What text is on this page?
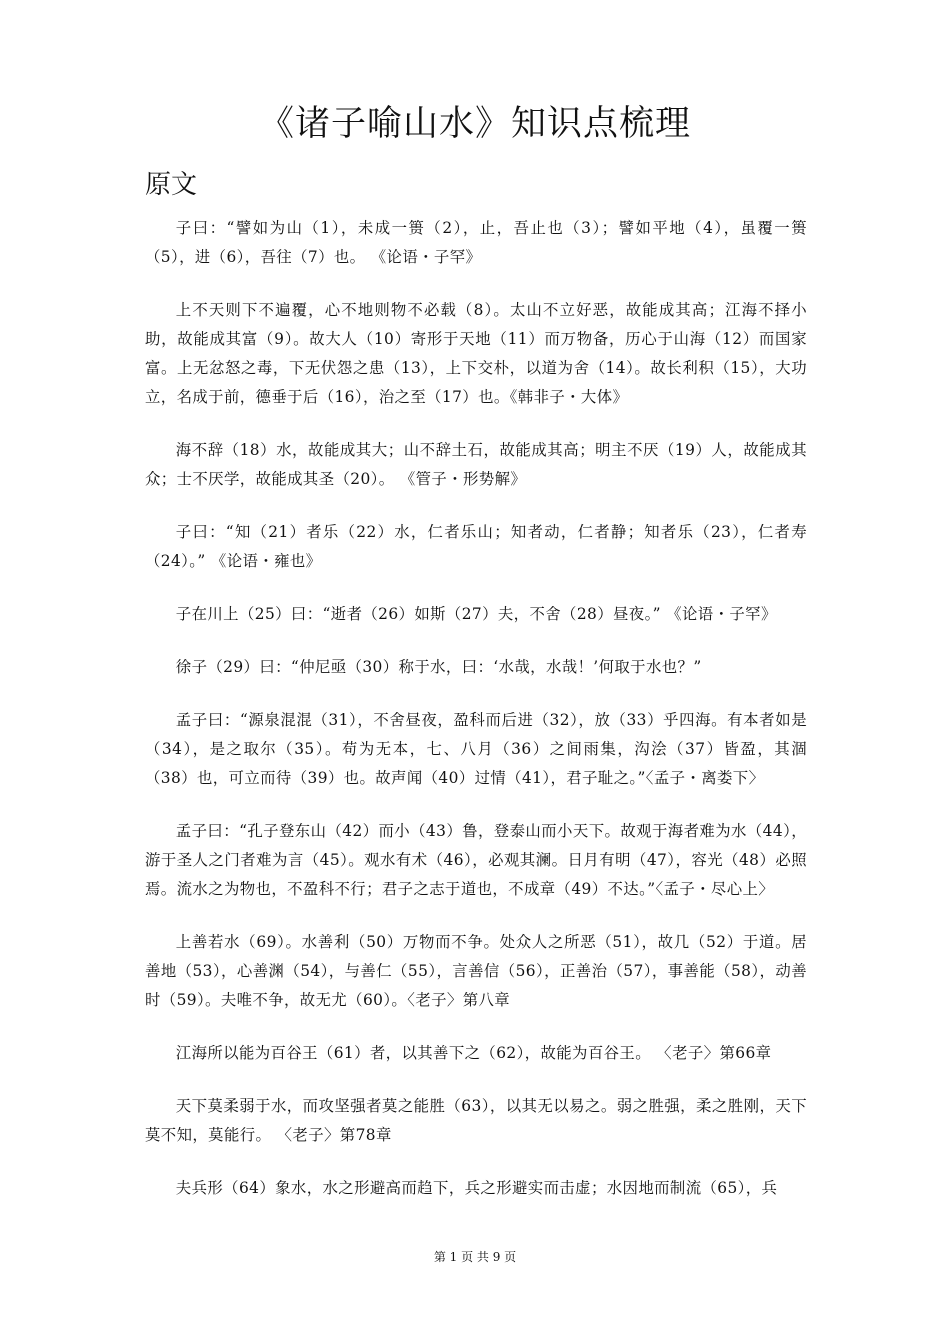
《诸子喻山水》知识点梳理
原文

子曰：“譬如为山（1），未成一篑（2），止，吾止也（3）；譬如平地（4），虽覆一篑（5），进（6），吾往（7）也。 《论语・子罕》

上不天则下不遍覆，心不地则物不必载（8）。太山不立好恶，故能成其高；江海不择小助，故能成其富（9）。故大人（10）寄形于天地（11）而万物备，历心于山海（12）而国家富。上无忿怒之毒，下无伏怨之患（13），上下交朴，以道为舍（14）。故长利积（15），大功立，名成于前，德垂于后（16），治之至（17）也。《韩非子・大体》

海不辞（18）水，故能成其大；山不辞土石，故能成其高；明主不厌（19）人，故能成其众；士不厌学，故能成其圣（20）。 《管子・形势解》

子曰：“知（21）者乐（22）水，仁者乐山；知者动，仁者静；知者乐（23），仁者寿（24）。” 《论语・雍也》

子在川上（25）曰：“逝者（26）如斯（27）夫，不舍（28）昼夜。” 《论语・子罕》

徐子（29）曰：“仲尼亟（30）称于水，曰：‘水哉，水哉！’何取于水也？”

孟子曰：“源泉混混（31），不舍昼夜，盈科而后进（32），放（33）乎四海。有本者如是（34），是之取尔（35）。苟为无本，七、八月（36）之间雨集，沟浍（37）皆盈，其涸（38）也，可立而待（39）也。故声闻（40）过情（41），君子耻之。”〈孟子・离娄下〉

孟子曰：“孔子登东山（42）而小（43）鲁，登泰山而小天下。故观于海者难为水（44），游于圣人之门者难为言（45）。观水有术（46），必观其澜。日月有明（47），容光（48）必照焉。流水之为物也，不盈科不行；君子之志于道也，不成章（49）不达。”〈孟子・尽心上〉

上善若水（69）。水善利（50）万物而不争。处众人之所恶（51），故几（52）于道。居善地（53），心善渊（54），与善仁（55），言善信（56），正善治（57），事善能（58），动善时（59）。夫唯不争，故无尤（60）。〈老子〉第八章

江海所以能为百谷王（61）者，以其善下之（62），故能为百谷王。 〈老子〉第66章

天下莫柔弱于水，而攻坚强者莫之能胜（63），以其无以易之。弱之胜强，柔之胜刚，天下莫不知，莫能行。 〈老子〉第78章

夫兵形（64）象水，水之形避高而趋下，兵之形避实而击虚；水因地而制流（65），兵

第 1 页 共 9 页
